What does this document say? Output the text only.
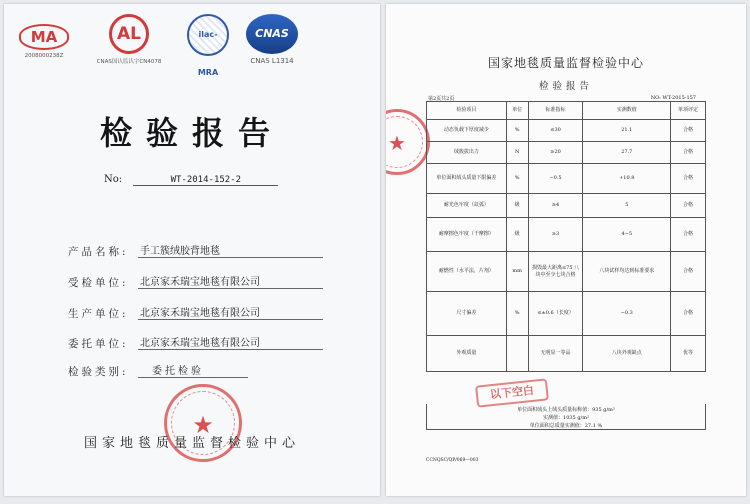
MA
2008000238Z
AL
CNAS国认监认字CN4078
ilac-MRA
CNAS
CNAS L1314
检验报告
No:	WT-2014-152-2
产品名称: 手工簇绒胶背地毯
受检单位: 北京家禾瑞宝地毯有限公司
生产单位: 北京家禾瑞宝地毯有限公司
委托单位: 北京家禾瑞宝地毯有限公司
检验类别:	委托检验
★
国家地毯质量监督检验中心
★
国家地毯质量监督检验中心
检验报告
第2页共2页	NO: WT-2015-157
检验项目	单位	标准指标	实测数值	单项评定
动态负载下厚度减少	%	≤30	21.1	合格
绒簇拔出力	N	≥20	27.7	合格
单位面积绒头质量下限偏差	%	−0.5	+10.8	合格
耐光色牢度（氙弧）	级	≥4	5	合格
耐摩擦色牢度（干摩擦）	级	≥3	4−5	合格
耐燃性（水平法，片剂）	mm	损毁最大距离≤75 八块中至少七块合格	八块试样均达到标准要求	合格
尺寸偏差	%	≤±0.6（长度）	−0.3	合格
外观质量		无明显一等品	八块外观缺点	优等
以下空白
单位面积绒头上绒头质量标称值：935 g/m²
实测值：1035 g/m²
单位面积总质量实测值：27.1 %
CCNQSC/QP/069—003
